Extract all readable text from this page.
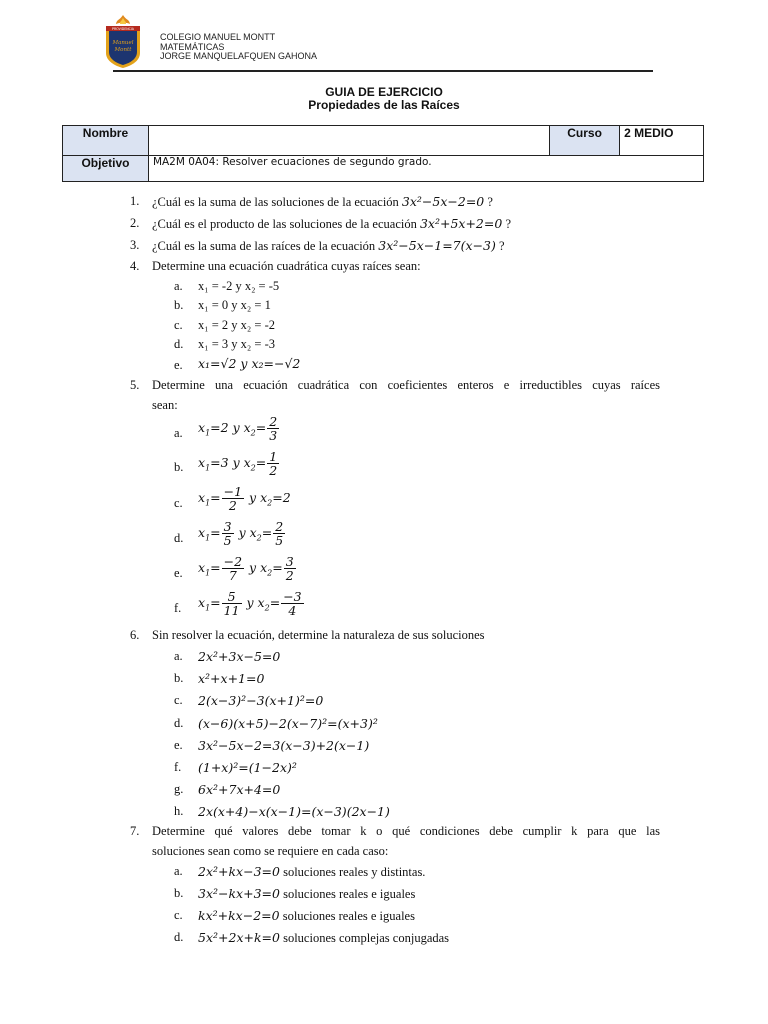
PROVIDENCIA
Manuel
Montt
COLEGIO MANUEL MONTT
MATEMÁTICAS
JORGE MANQUELAFQUEN GAHONA
GUIA DE EJERCICIO
Propiedades de las Raíces
Nombre		Curso	2 MEDIO
Objetivo	MA2M 0A04: Resolver ecuaciones de segundo grado.		
1. ¿Cuál es la suma de las soluciones de la ecuación 3x²−5x−2=0 ?
2. ¿Cuál es el producto de las soluciones de la ecuación 3x²+5x+2=0 ?
3. ¿Cuál es la suma de las raíces de la ecuación 3x²−5x−1=7(x−3) ?
4. Determine una ecuación cuadrática cuyas raíces sean:
a. x₁ = -2 y x₂ = -5
b. x₁ = 0 y x₂ = 1
c. x₁ = 2 y x₂ = -2
d. x₁ = 3 y x₂ = -3
e. x₁=√2 y x₂=−√2
5. Determine una ecuación cuadrática con coeficientes enteros e irreductibles cuyas raíces
sean:
a. $x_1=2$ y $x_2= \frac{2}{3}$
b. $x_1=3$ y $x_2= \frac{1}{2}$
c. $x_1= \frac{-1}{2}$ y $x_2=2$
d. $x_1= \frac{3}{5}$ y $x_2= \frac{2}{5}$
e. $x_1= \frac{-2}{7}$ y $x_2= \frac{3}{2}$
f. $x_1= \frac{5}{11}$ y $x_2= \frac{-3}{4}$
6. Sin resolver la ecuación, determine la naturaleza de sus soluciones
a. 2x²+3x−5=0
b. x²+x+1=0
c. 2(x−3)²−3(x+1)²=0
d. (x−6)(x+5)−2(x−7)²=(x+3)²
e. 3x²−5x−2=3(x−3)+2(x−1)
f. (1+x)²=(1−2x)²
g. 6x²+7x+4=0
h. 2x(x+4)−x(x−1)=(x−3)(2x−1)
7. Determine qué valores debe tomar k o qué condiciones debe cumplir k para que las
soluciones sean como se requiere en cada caso:
a. 2x²+kx−3=0 soluciones reales y distintas.
b. 3x²−kx+3=0 soluciones reales e iguales
c. kx²+kx−2=0 soluciones reales e iguales
d. 5x²+2x+k=0 soluciones complejas conjugadas
